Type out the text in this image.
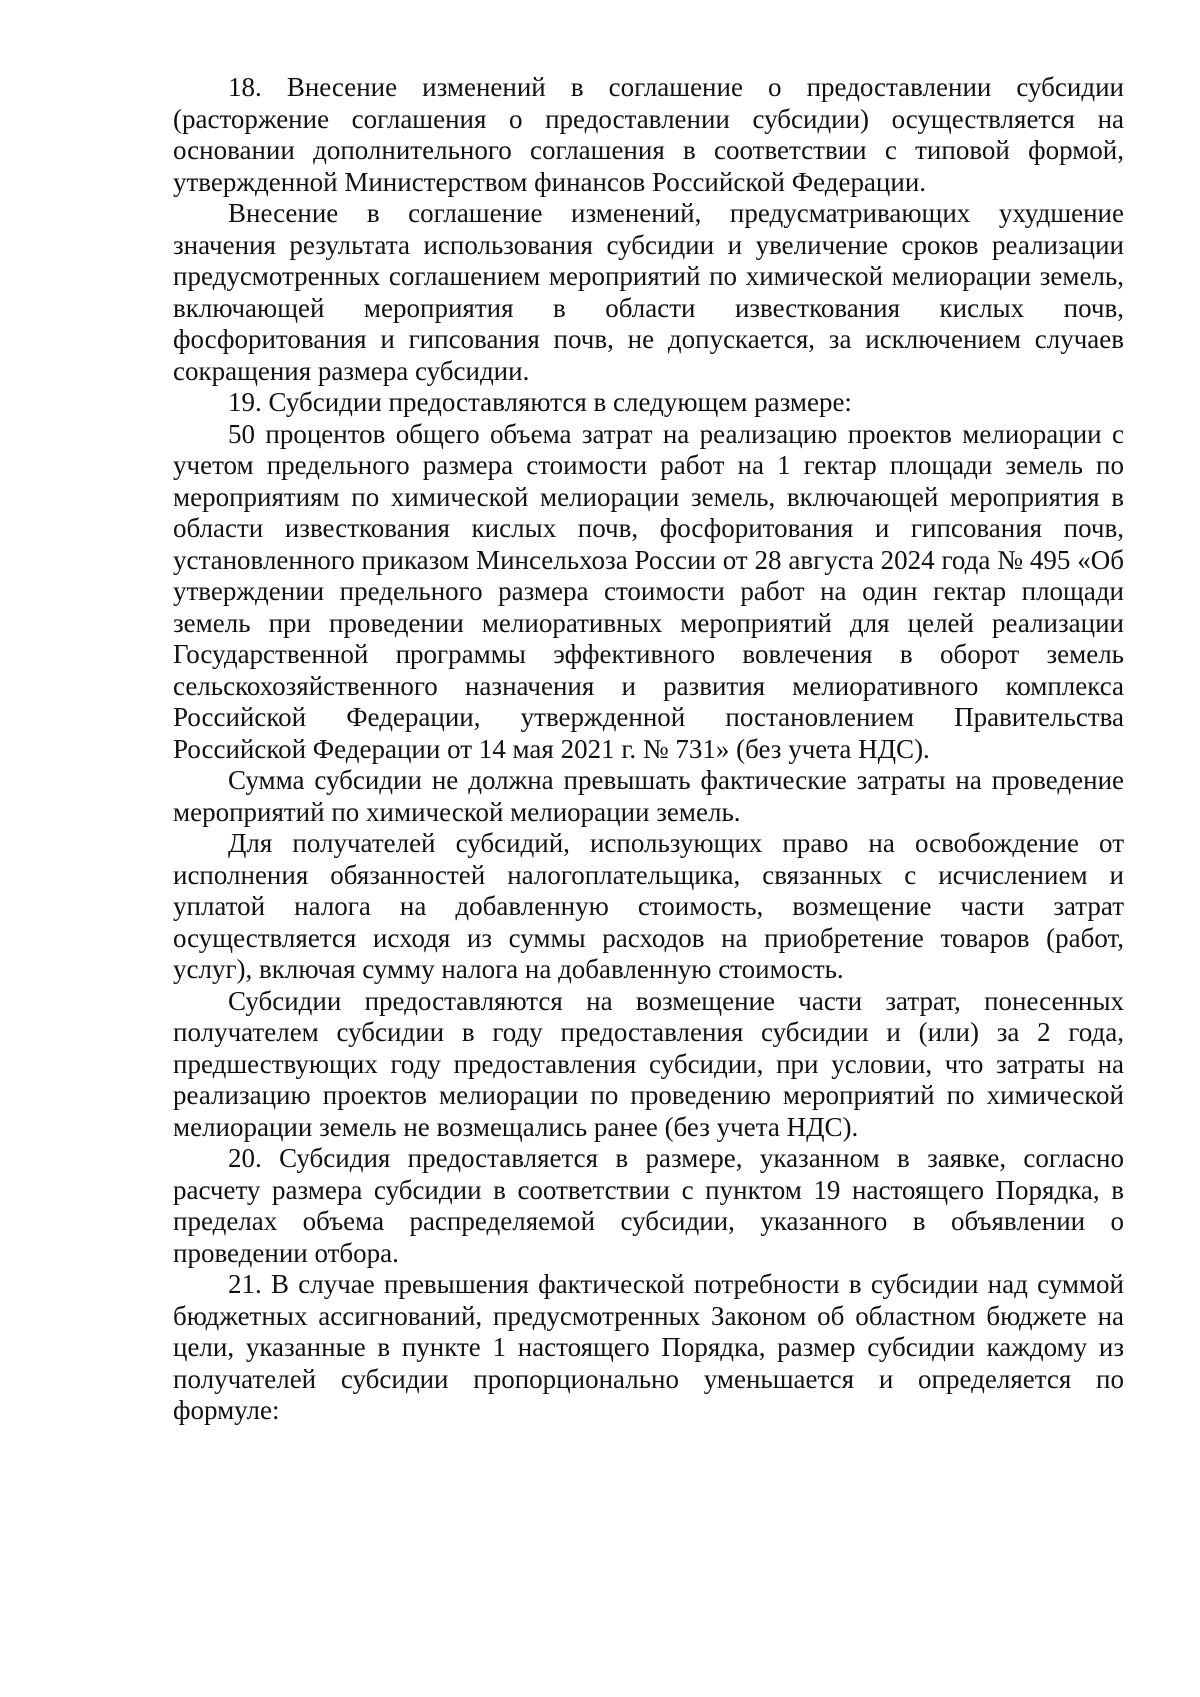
18. Внесение изменений в соглашение о предоставлении субсидии (расторжение соглашения о предоставлении субсидии) осуществляется на основании дополнительного соглашения в соответствии с типовой формой, утвержденной Министерством финансов Российской Федерации.

Внесение в соглашение изменений, предусматривающих ухудшение значения результата использования субсидии и увеличение сроков реализации предусмотренных соглашением мероприятий по химической мелиорации земель, включающей мероприятия в области известкования кислых почв, фосфоритования и гипсования почв, не допускается, за исключением случаев сокращения размера субсидии.

19. Субсидии предоставляются в следующем размере:

50 процентов общего объема затрат на реализацию проектов мелиорации с учетом предельного размера стоимости работ на 1 гектар площади земель по мероприятиям по химической мелиорации земель, включающей мероприятия в области известкования кислых почв, фосфоритования и гипсования почв, установленного приказом Минсельхоза России от 28 августа 2024 года № 495 «Об утверждении предельного размера стоимости работ на один гектар площади земель при проведении мелиоративных мероприятий для целей реализации Государственной программы эффективного вовлечения в оборот земель сельскохозяйственного назначения и развития мелиоративного комплекса Российской Федерации, утвержденной постановлением Правительства Российской Федерации от 14 мая 2021 г. № 731» (без учета НДС).

Сумма субсидии не должна превышать фактические затраты на проведение мероприятий по химической мелиорации земель.

Для получателей субсидий, использующих право на освобождение от исполнения обязанностей налогоплательщика, связанных с исчислением и уплатой налога на добавленную стоимость, возмещение части затрат осуществляется исходя из суммы расходов на приобретение товаров (работ, услуг), включая сумму налога на добавленную стоимость.

Субсидии предоставляются на возмещение части затрат, понесенных получателем субсидии в году предоставления субсидии и (или) за 2 года, предшествующих году предоставления субсидии, при условии, что затраты на реализацию проектов мелиорации по проведению мероприятий по химической мелиорации земель не возмещались ранее (без учета НДС).

20. Субсидия предоставляется в размере, указанном в заявке, согласно расчету размера субсидии в соответствии с пунктом 19 настоящего Порядка, в пределах объема распределяемой субсидии, указанного в объявлении о проведении отбора.

21. В случае превышения фактической потребности в субсидии над суммой бюджетных ассигнований, предусмотренных Законом об областном бюджете на цели, указанные в пункте 1 настоящего Порядка, размер субсидии каждому из получателей субсидии пропорционально уменьшается и определяется по формуле:
